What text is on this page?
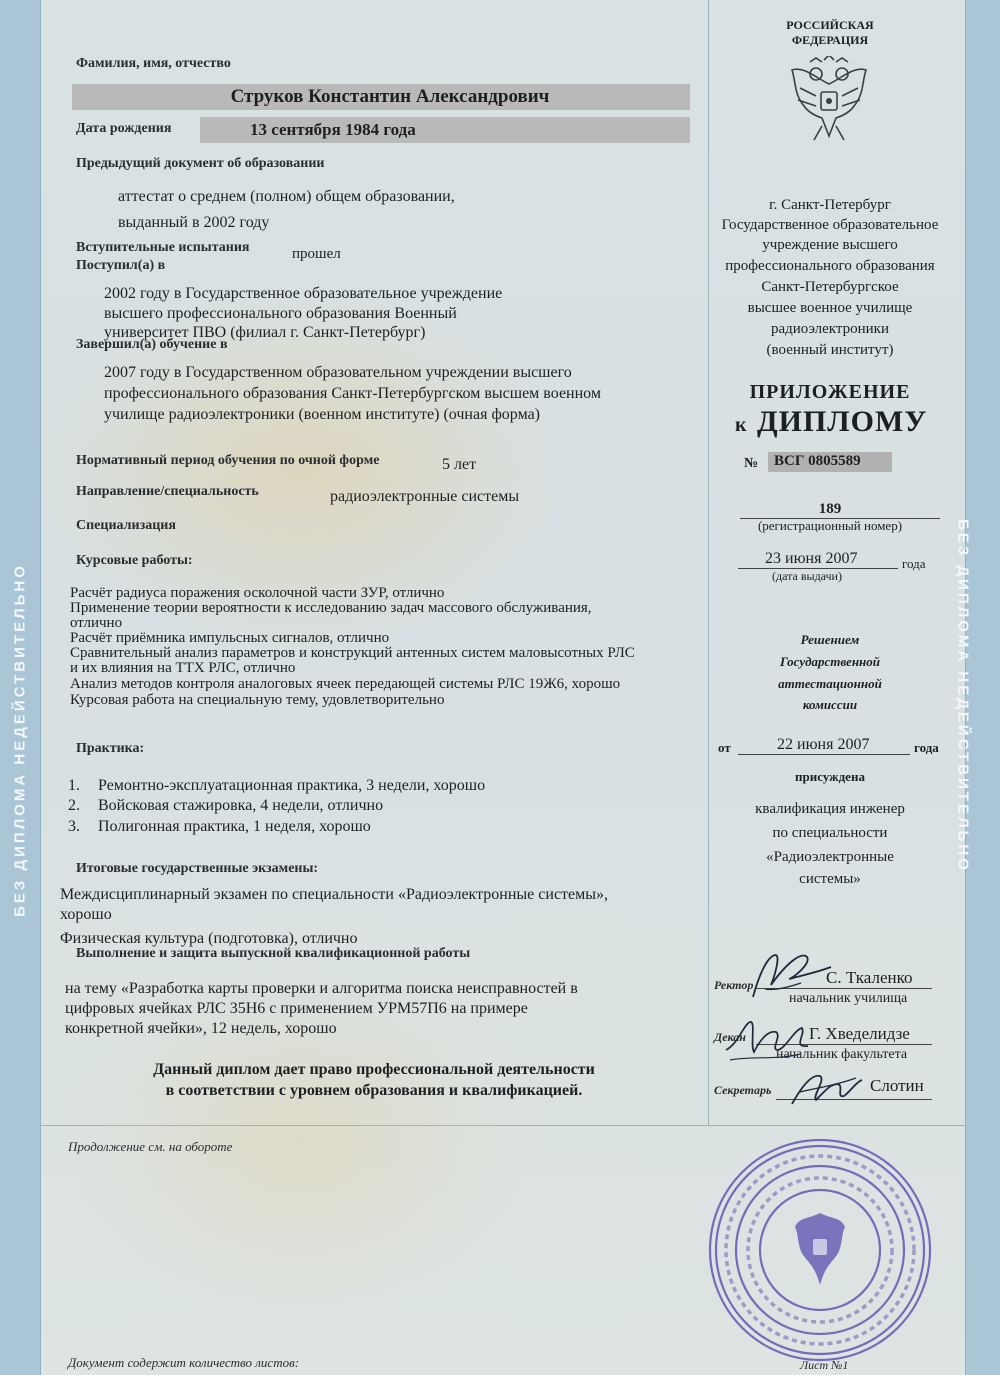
БЕЗ ДИПЛОМА НЕДЕЙСТВИТЕЛЬНО	БЕЗ ДИПЛОМА НЕДЕЙСТВИТЕЛЬНО
Фамилия, имя, отчество
Струков Константин Александрович
Дата рождения	13 сентября 1984 года
Предыдущий документ об образовании
аттестат о среднем (полном) общем образовании,
выданный в 2002 году
Вступительные испытания	прошел
Поступил(а) в
2002 году в Государственное образовательное учреждение
высшего профессионального образования Военный
университет ПВО (филиал г. Санкт-Петербург)
Завершил(а) обучение в
2007 году в Государственном образовательном учреждении высшего
профессионального образования Санкт-Петербургском высшем военном
училище радиоэлектроники (военном институте) (очная форма)
Нормативный период обучения по очной форме	5 лет
Направление/специальность	радиоэлектронные системы
Специализация
Курсовые работы:
Расчёт радиуса поражения осколочной части ЗУР, отлично
Применение теории вероятности к исследованию задач массового обслуживания,
отлично
Расчёт приёмника импульсных сигналов, отлично
Сравнительный анализ параметров и конструкций антенных систем маловысотных РЛС
и их влияния на ТТХ РЛС, отлично
Анализ методов контроля аналоговых ячеек передающей системы РЛС 19Ж6, хорошо
Курсовая работа на специальную тему, удовлетворительно
Практика:
1. Ремонтно-эксплуатационная практика, 3 недели, хорошо
2. Войсковая стажировка, 4 недели, отлично
3. Полигонная практика, 1 неделя, хорошо
Итоговые государственные экзамены:
Междисциплинарный экзамен по специальности «Радиоэлектронные системы»,
хорошо
Физическая культура (подготовка), отлично
Выполнение и защита выпускной квалификационной работы
на тему «Разработка карты проверки и алгоритма поиска неисправностей в
цифровых ячейках РЛС 35Н6 с применением УРМ57П6 на примере
конкретной ячейки», 12 недель, хорошо
Данный диплом дает право профессиональной деятельности
в соответствии с уровнем образования и квалификацией.
Продолжение см. на обороте
Документ содержит количество листов:
РОССИЙСКАЯ
ФЕДЕРАЦИЯ
г. Санкт-Петербург
Государственное образовательное
учреждение высшего
профессионального образования
Санкт-Петербургское
высшее военное училище
радиоэлектроники
(военный институт)
ПРИЛОЖЕНИЕ
к ДИПЛОМУ
№ ВСГ 0805589
189
(регистрационный номер)
23 июня 2007	года
(дата выдачи)
Решением
Государственной
аттестационной
комиссии
от	22 июня 2007	года
присуждена
квалификация инженер
по специальности
«Радиоэлектронные
системы»
Ректор	С. Ткаленко
начальник училища
Декан	Г. Хведелидзе
начальник факультета
Секретарь	Слотин
Лист №1
